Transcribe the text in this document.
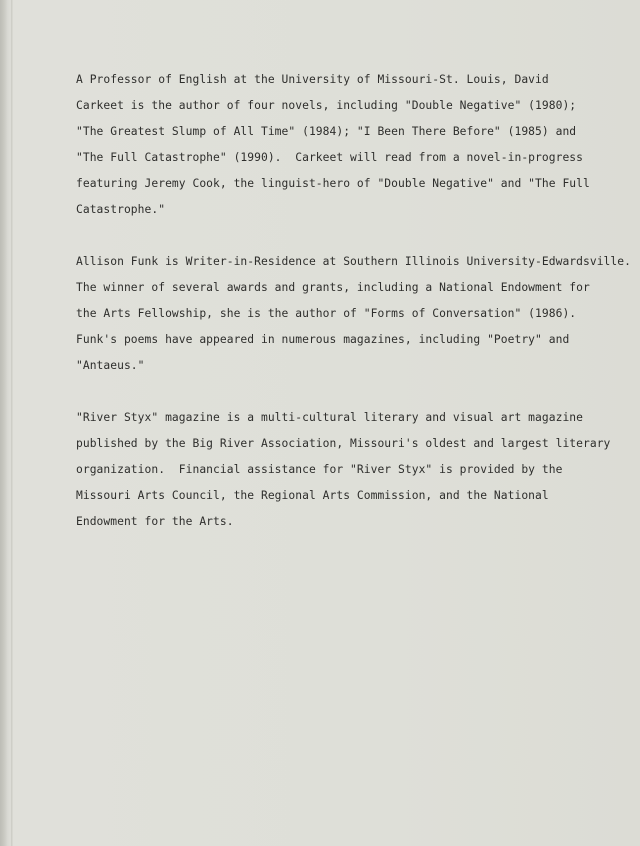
A Professor of English at the University of Missouri-St. Louis, David
Carkeet is the author of four novels, including "Double Negative" (1980);
"The Greatest Slump of All Time" (1984); "I Been There Before" (1985) and
"The Full Catastrophe" (1990).  Carkeet will read from a novel-in-progress
featuring Jeremy Cook, the linguist-hero of "Double Negative" and "The Full
Catastrophe."
Allison Funk is Writer-in-Residence at Southern Illinois University-Edwardsville.
The winner of several awards and grants, including a National Endowment for
the Arts Fellowship, she is the author of "Forms of Conversation" (1986).
Funk's poems have appeared in numerous magazines, including "Poetry" and
"Antaeus."
"River Styx" magazine is a multi-cultural literary and visual art magazine
published by the Big River Association, Missouri's oldest and largest literary
organization.  Financial assistance for "River Styx" is provided by the
Missouri Arts Council, the Regional Arts Commission, and the National
Endowment for the Arts.
